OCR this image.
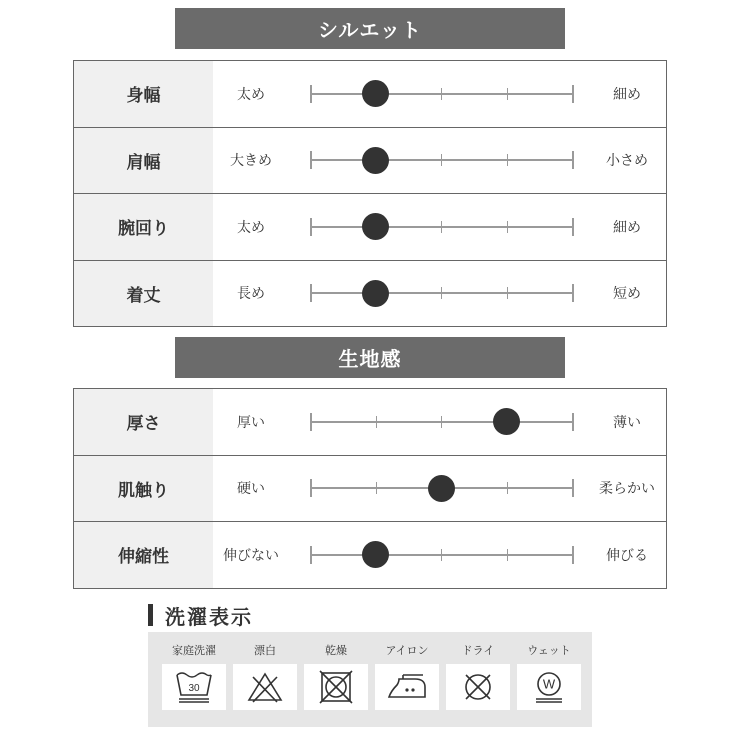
シルエット
身幅	太め	細め
肩幅	大きめ	小さめ
腕回り	太め	細め
着丈	長め	短め
生地感
厚さ	厚い	薄い
肌触り	硬い	柔らかい
伸縮性	伸びない	伸びる
洗濯表示
家庭洗濯
30
漂白	乾燥	アイロン	ドライ	ウェット
W
